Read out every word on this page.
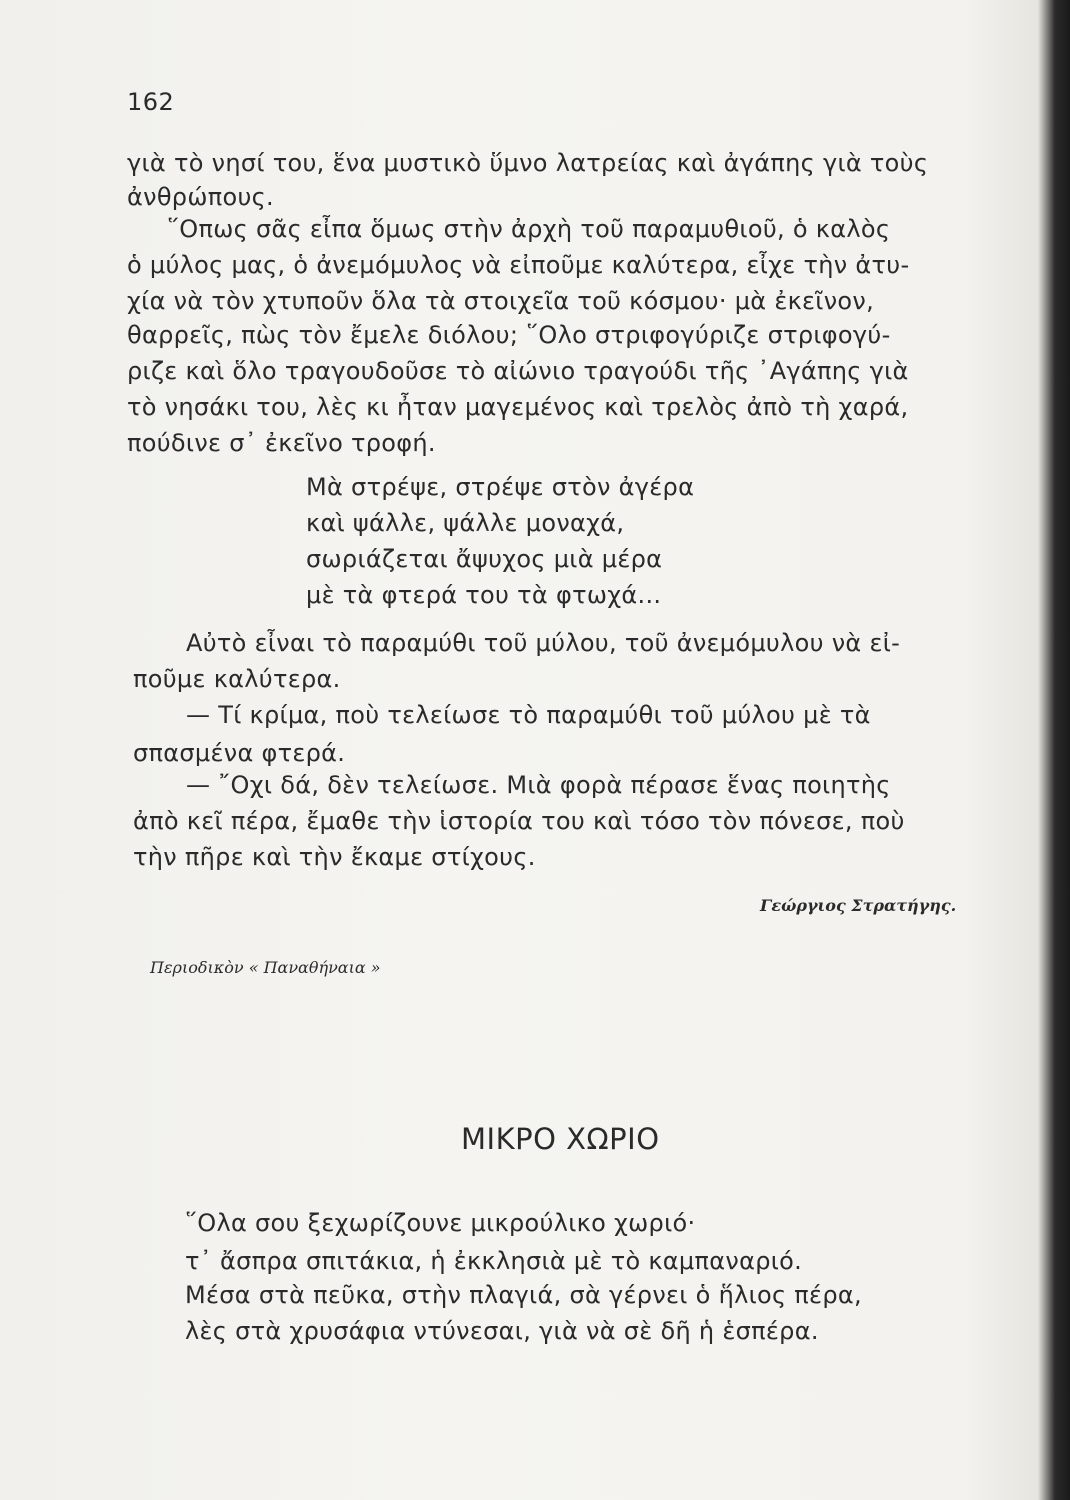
162
γιὰ τὸ νησί του, ἕνα μυστικὸ ὕμνο λατρείας καὶ ἀγάπης γιὰ τοὺς
ἀνθρώπους.
῞Οπως σᾶς εἶπα ὅμως στὴν ἀρχὴ τοῦ παραμυθιοῦ, ὁ καλὸς
ὁ μύλος μας, ὁ ἀνεμόμυλος νὰ εἰποῦμε καλύτερα, εἶχε τὴν ἀτυ-
χία νὰ τὸν χτυποῦν ὅλα τὰ στοιχεῖα τοῦ κόσμου· μὰ ἐκεῖνον,
θαρρεῖς, πὼς τὸν ἔμελε διόλου; ῞Ολο στριφογύριζε στριφογύ-
ριζε καὶ ὅλο τραγουδοῦσε τὸ αἰώνιο τραγούδι τῆς ᾿Αγάπης γιὰ
τὸ νησάκι του, λὲς κι ἦταν μαγεμένος καὶ τρελὸς ἀπὸ τὴ χαρά,
πούδινε σ᾿ ἐκεῖνο τροφή.
Μὰ στρέψε, στρέψε στὸν ἀγέρα
καὶ ψάλλε, ψάλλε μοναχά,
σωριάζεται ἄψυχος μιὰ μέρα
μὲ τὰ φτερά του τὰ φτωχά...
Αὐτὸ εἶναι τὸ παραμύθι τοῦ μύλου, τοῦ ἀνεμόμυλου νὰ εἰ-
ποῦμε καλύτερα.
— Τί κρίμα, ποὺ τελείωσε τὸ παραμύθι τοῦ μύλου μὲ τὰ
σπασμένα φτερά.
— ῎Οχι δά, δὲν τελείωσε. Μιὰ φορὰ πέρασε ἕνας ποιητὴς
ἀπὸ κεῖ πέρα, ἔμαθε τὴν ἱστορία του καὶ τόσο τὸν πόνεσε, ποὺ
τὴν πῆρε καὶ τὴν ἔκαμε στίχους.
Γεώργιος Στρατήγης.
Περιοδικὸν « Παναθήναια »
ΜΙΚΡΟ ΧΩΡΙΟ
῞Ολα σου ξεχωρίζουνε μικρούλικο χωριό·
τ᾿ ἄσπρα σπιτάκια, ἡ ἐκκλησιὰ μὲ τὸ καμπαναριό.
Μέσα στὰ πεῦκα, στὴν πλαγιά, σὰ γέρνει ὁ ἥλιος πέρα,
λὲς στὰ χρυσάφια ντύνεσαι, γιὰ νὰ σὲ δῆ ἡ ἑσπέρα.
